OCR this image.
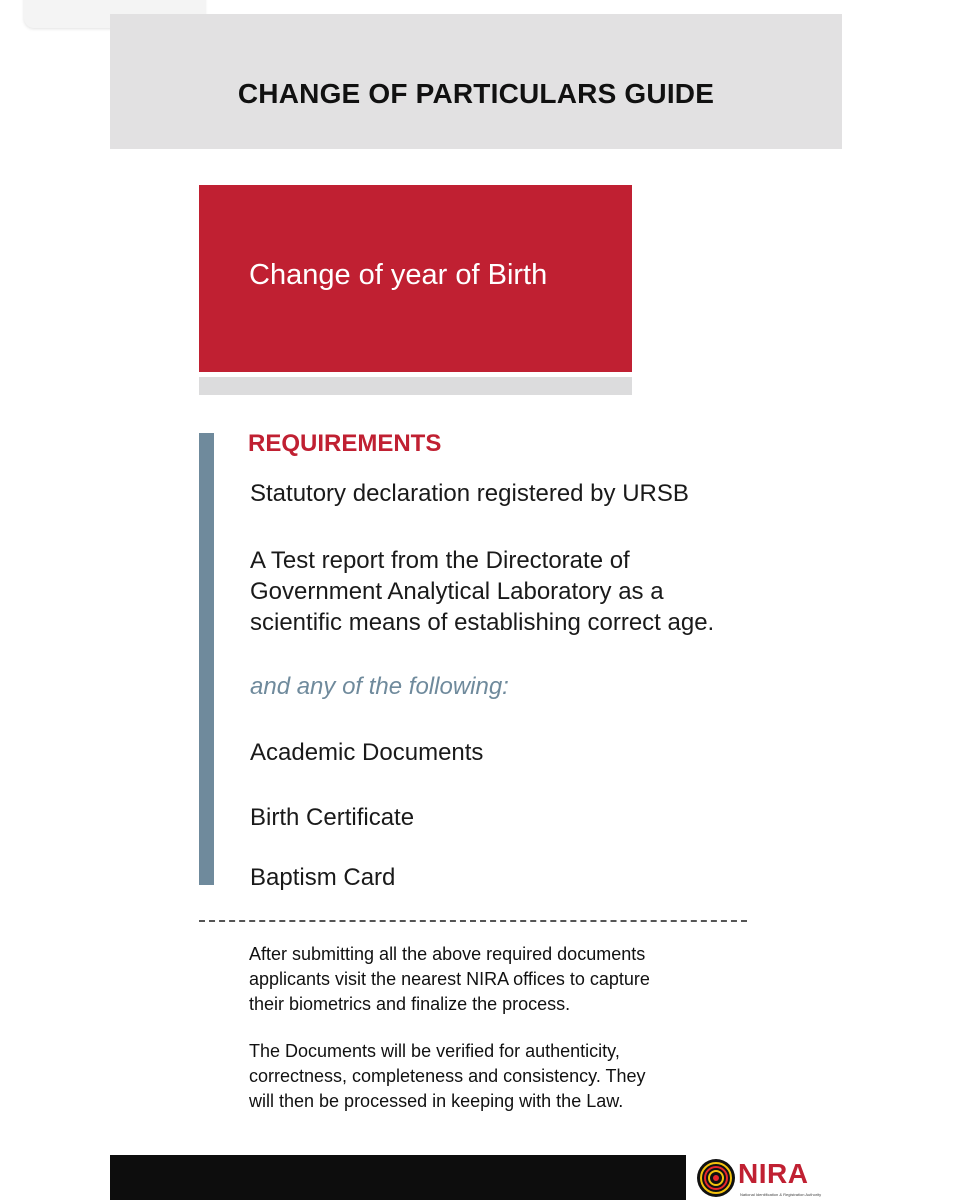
CHANGE OF PARTICULARS GUIDE
Change of year of Birth
REQUIREMENTS
Statutory declaration registered by URSB
A Test report from the Directorate of
Government Analytical Laboratory as a
scientific means of establishing correct age.
and any of the following:
Academic Documents
Birth Certificate
Baptism Card
After submitting all the above required documents
applicants visit the nearest NIRA offices to capture
their biometrics and finalize the process.
The Documents will be verified for authenticity,
correctness, completeness and consistency. They
will then be processed in keeping with the Law.
NIRA
National Identification & Registration Authority
